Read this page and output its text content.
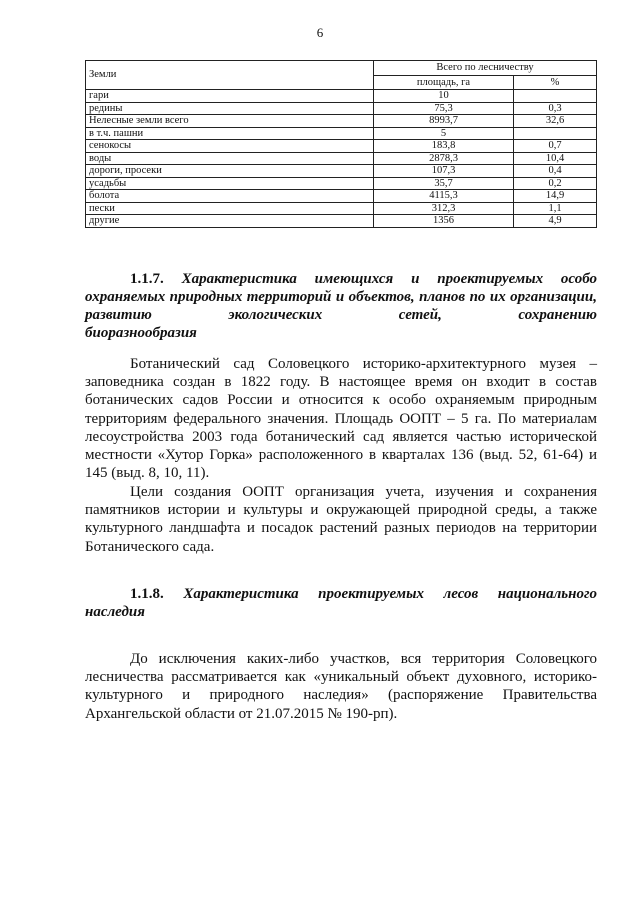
6
Земли	Всего по лесничеству	
	площадь, га	%
гари	10	
редины	75,3	0,3
Нелесные земли всего	8993,7	32,6
в т.ч. пашни	5	
сенокосы	183,8	0,7
воды	2878,3	10,4
дороги, просеки	107,3	0,4
усадьбы	35,7	0,2
болота	4115,3	14,9
пески	312,3	1,1
другие	1356	4,9
1.1.7. Характеристика имеющихся и проектируемых особо охраняемых природных территорий и объектов, планов по их организации, развитию экологических сетей, сохранению
биоразнообразия

Ботанический сад Соловецкого историко-архитектурного музея – заповедника создан в 1822 году. В настоящее время он входит в состав ботанических садов России и относится к особо охраняемым природным территориям федерального значения. Площадь ООПТ – 5 га. По материалам лесоустройства 2003 года ботанический сад является частью исторической местности «Хутор Горка» расположенного в кварталах 136 (выд. 52, 61-64) и 145 (выд. 8, 10, 11).

Цели создания ООПТ организация учета, изучения и сохранения памятников истории и культуры и окружающей природной среды, а также культурного ландшафта и посадок растений разных периодов на территории Ботанического сада.

1.1.8. Характеристика проектируемых лесов национального
наследия

До исключения каких-либо участков, вся территория Соловецкого лесничества рассматривается как «уникальный объект духовного, историко-культурного и природного наследия» (распоряжение Правительства Архангельской области от 21.07.2015 № 190-рп).
